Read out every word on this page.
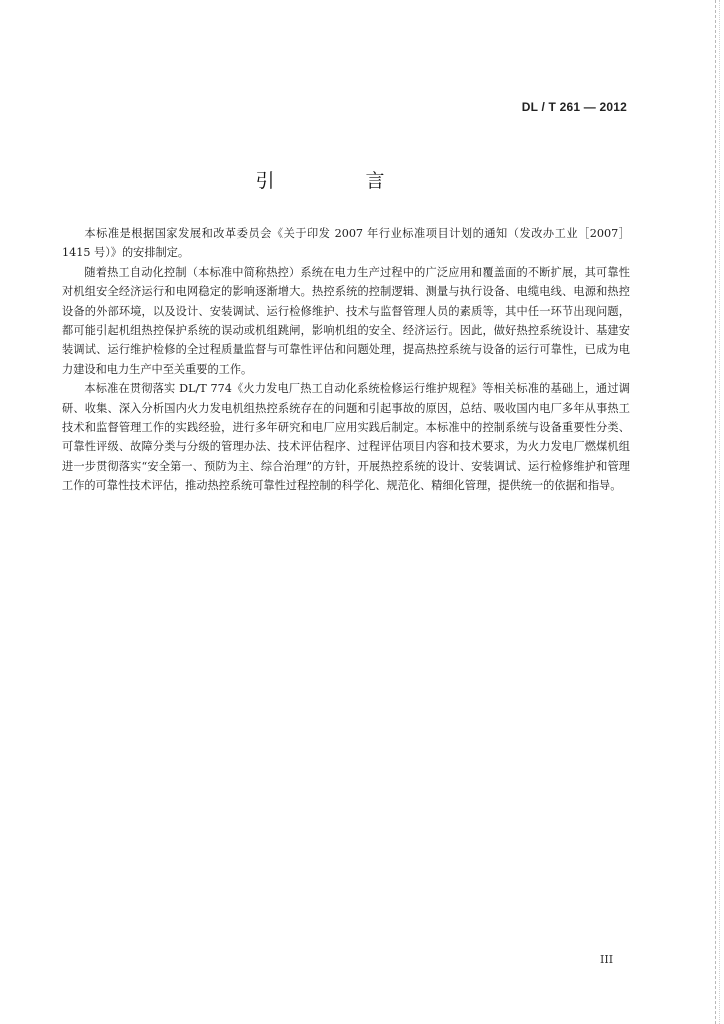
DL / T 261 — 2012
引　言

本标准是根据国家发展和改革委员会《关于印发 2007 年行业标准项目计划的通知（发改办工业［2007］1415 号）》的安排制定。

随着热工自动化控制（本标准中简称热控）系统在电力生产过程中的广泛应用和覆盖面的不断扩展，其可靠性对机组安全经济运行和电网稳定的影响逐渐增大。热控系统的控制逻辑、测量与执行设备、电缆电线、电源和热控设备的外部环境，以及设计、安装调试、运行检修维护、技术与监督管理人员的素质等，其中任一环节出现问题，都可能引起机组热控保护系统的误动或机组跳闸，影响机组的安全、经济运行。因此，做好热控系统设计、基建安装调试、运行维护检修的全过程质量监督与可靠性评估和问题处理，提高热控系统与设备的运行可靠性，已成为电力建设和电力生产中至关重要的工作。

本标准在贯彻落实 DL/T 774《火力发电厂热工自动化系统检修运行维护规程》等相关标准的基础上，通过调研、收集、深入分析国内火力发电机组热控系统存在的问题和引起事故的原因，总结、吸收国内电厂多年从事热工技术和监督管理工作的实践经验，进行多年研究和电厂应用实践后制定。本标准中的控制系统与设备重要性分类、可靠性评级、故障分类与分级的管理办法、技术评估程序、过程评估项目内容和技术要求，为火力发电厂燃煤机组进一步贯彻落实“安全第一、预防为主、综合治理”的方针，开展热控系统的设计、安装调试、运行检修维护和管理工作的可靠性技术评估，推动热控系统可靠性过程控制的科学化、规范化、精细化管理，提供统一的依据和指导。

III
